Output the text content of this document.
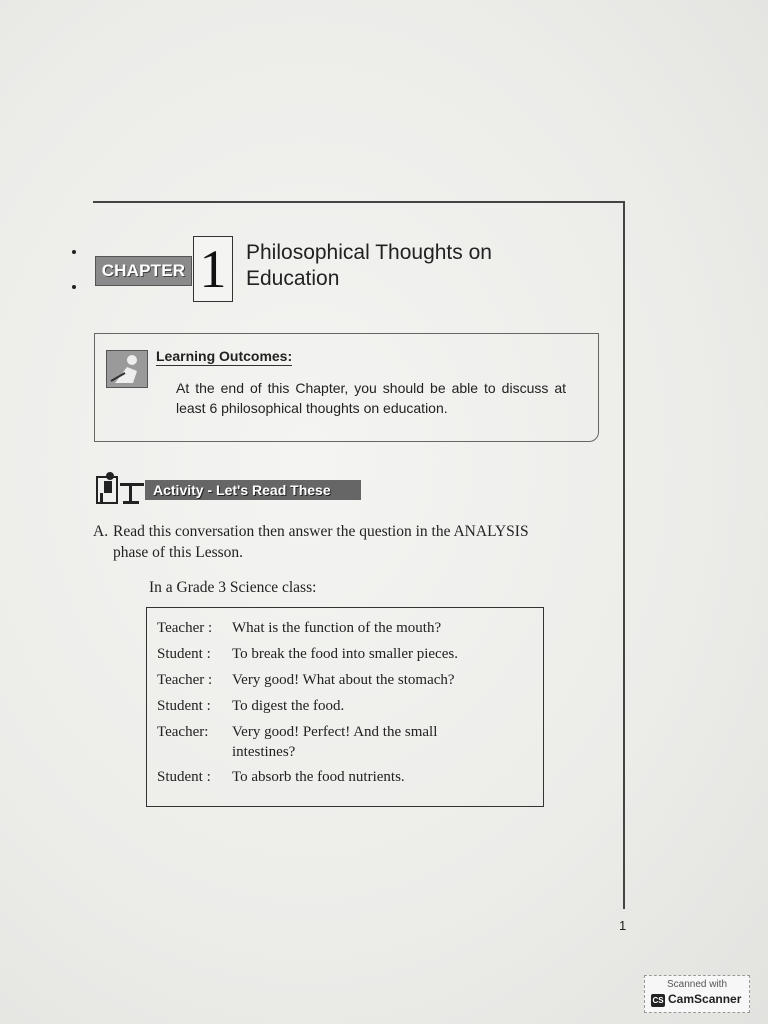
CHAPTER 1 Philosophical Thoughts on
Education
Learning Outcomes:
At the end of this Chapter, you should be able to discuss at least 6 philosophical thoughts on education.
Activity - Let's Read These
A. Read this conversation then answer the question in the ANALYSIS
phase of this Lesson.
In a Grade 3 Science class:
Teacher : What is the function of the mouth?
Student : To break the food into smaller pieces.
Teacher : Very good! What about the stomach?
Student : To digest the food.
Teacher: Very good! Perfect! And the small intestines?
Student : To absorb the food nutrients.
1
Scanned with
CS CamScanner
